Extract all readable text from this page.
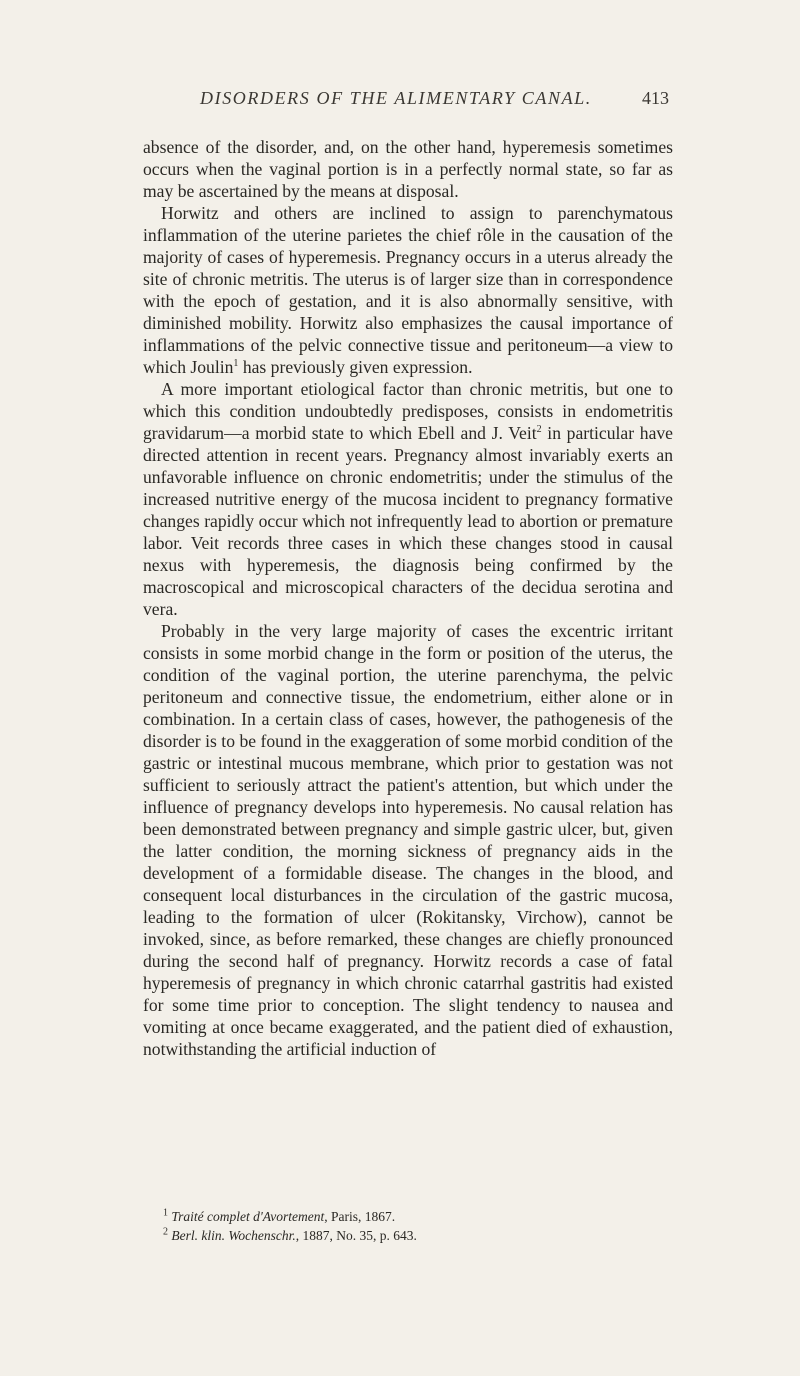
DISORDERS OF THE ALIMENTARY CANAL.	413

absence of the disorder, and, on the other hand, hyperemesis sometimes occurs when the vaginal portion is in a perfectly normal state, so far as may be ascertained by the means at disposal.

Horwitz and others are inclined to assign to parenchymatous inflammation of the uterine parietes the chief rôle in the causation of the majority of cases of hyperemesis. Pregnancy occurs in a uterus already the site of chronic metritis. The uterus is of larger size than in correspondence with the epoch of gestation, and it is also abnormally sensitive, with diminished mobility. Horwitz also emphasizes the causal importance of inflammations of the pelvic connective tissue and peritoneum—a view to which Joulin$^1$ has previously given expression.

A more important etiological factor than chronic metritis, but one to which this condition undoubtedly predisposes, consists in endometritis gravidarum—a morbid state to which Ebell and J. Veit$^2$ in particular have directed attention in recent years. Pregnancy almost invariably exerts an unfavorable influence on chronic endometritis; under the stimulus of the increased nutritive energy of the mucosa incident to pregnancy formative changes rapidly occur which not infrequently lead to abortion or premature labor. Veit records three cases in which these changes stood in causal nexus with hyperemesis, the diagnosis being confirmed by the macroscopical and microscopical characters of the decidua serotina and vera.

Probably in the very large majority of cases the excentric irritant consists in some morbid change in the form or position of the uterus, the condition of the vaginal portion, the uterine parenchyma, the pelvic peritoneum and connective tissue, the endometrium, either alone or in combination. In a certain class of cases, however, the pathogenesis of the disorder is to be found in the exaggeration of some morbid condition of the gastric or intestinal mucous membrane, which prior to gestation was not sufficient to seriously attract the patient's attention, but which under the influence of pregnancy develops into hyperemesis. No causal relation has been demonstrated between pregnancy and simple gastric ulcer, but, given the latter condition, the morning sickness of pregnancy aids in the development of a formidable disease. The changes in the blood, and consequent local disturbances in the circulation of the gastric mucosa, leading to the formation of ulcer (Rokitansky, Virchow), cannot be invoked, since, as before remarked, these changes are chiefly pronounced during the second half of pregnancy. Horwitz records a case of fatal hyperemesis of pregnancy in which chronic catarrhal gastritis had existed for some time prior to conception. The slight tendency to nausea and vomiting at once became exaggerated, and the patient died of exhaustion, notwithstanding the artificial induction of

$^1$ Traité complet d'Avortement, Paris, 1867.
$^2$ Berl. klin. Wochenschr., 1887, No. 35, p. 643.
